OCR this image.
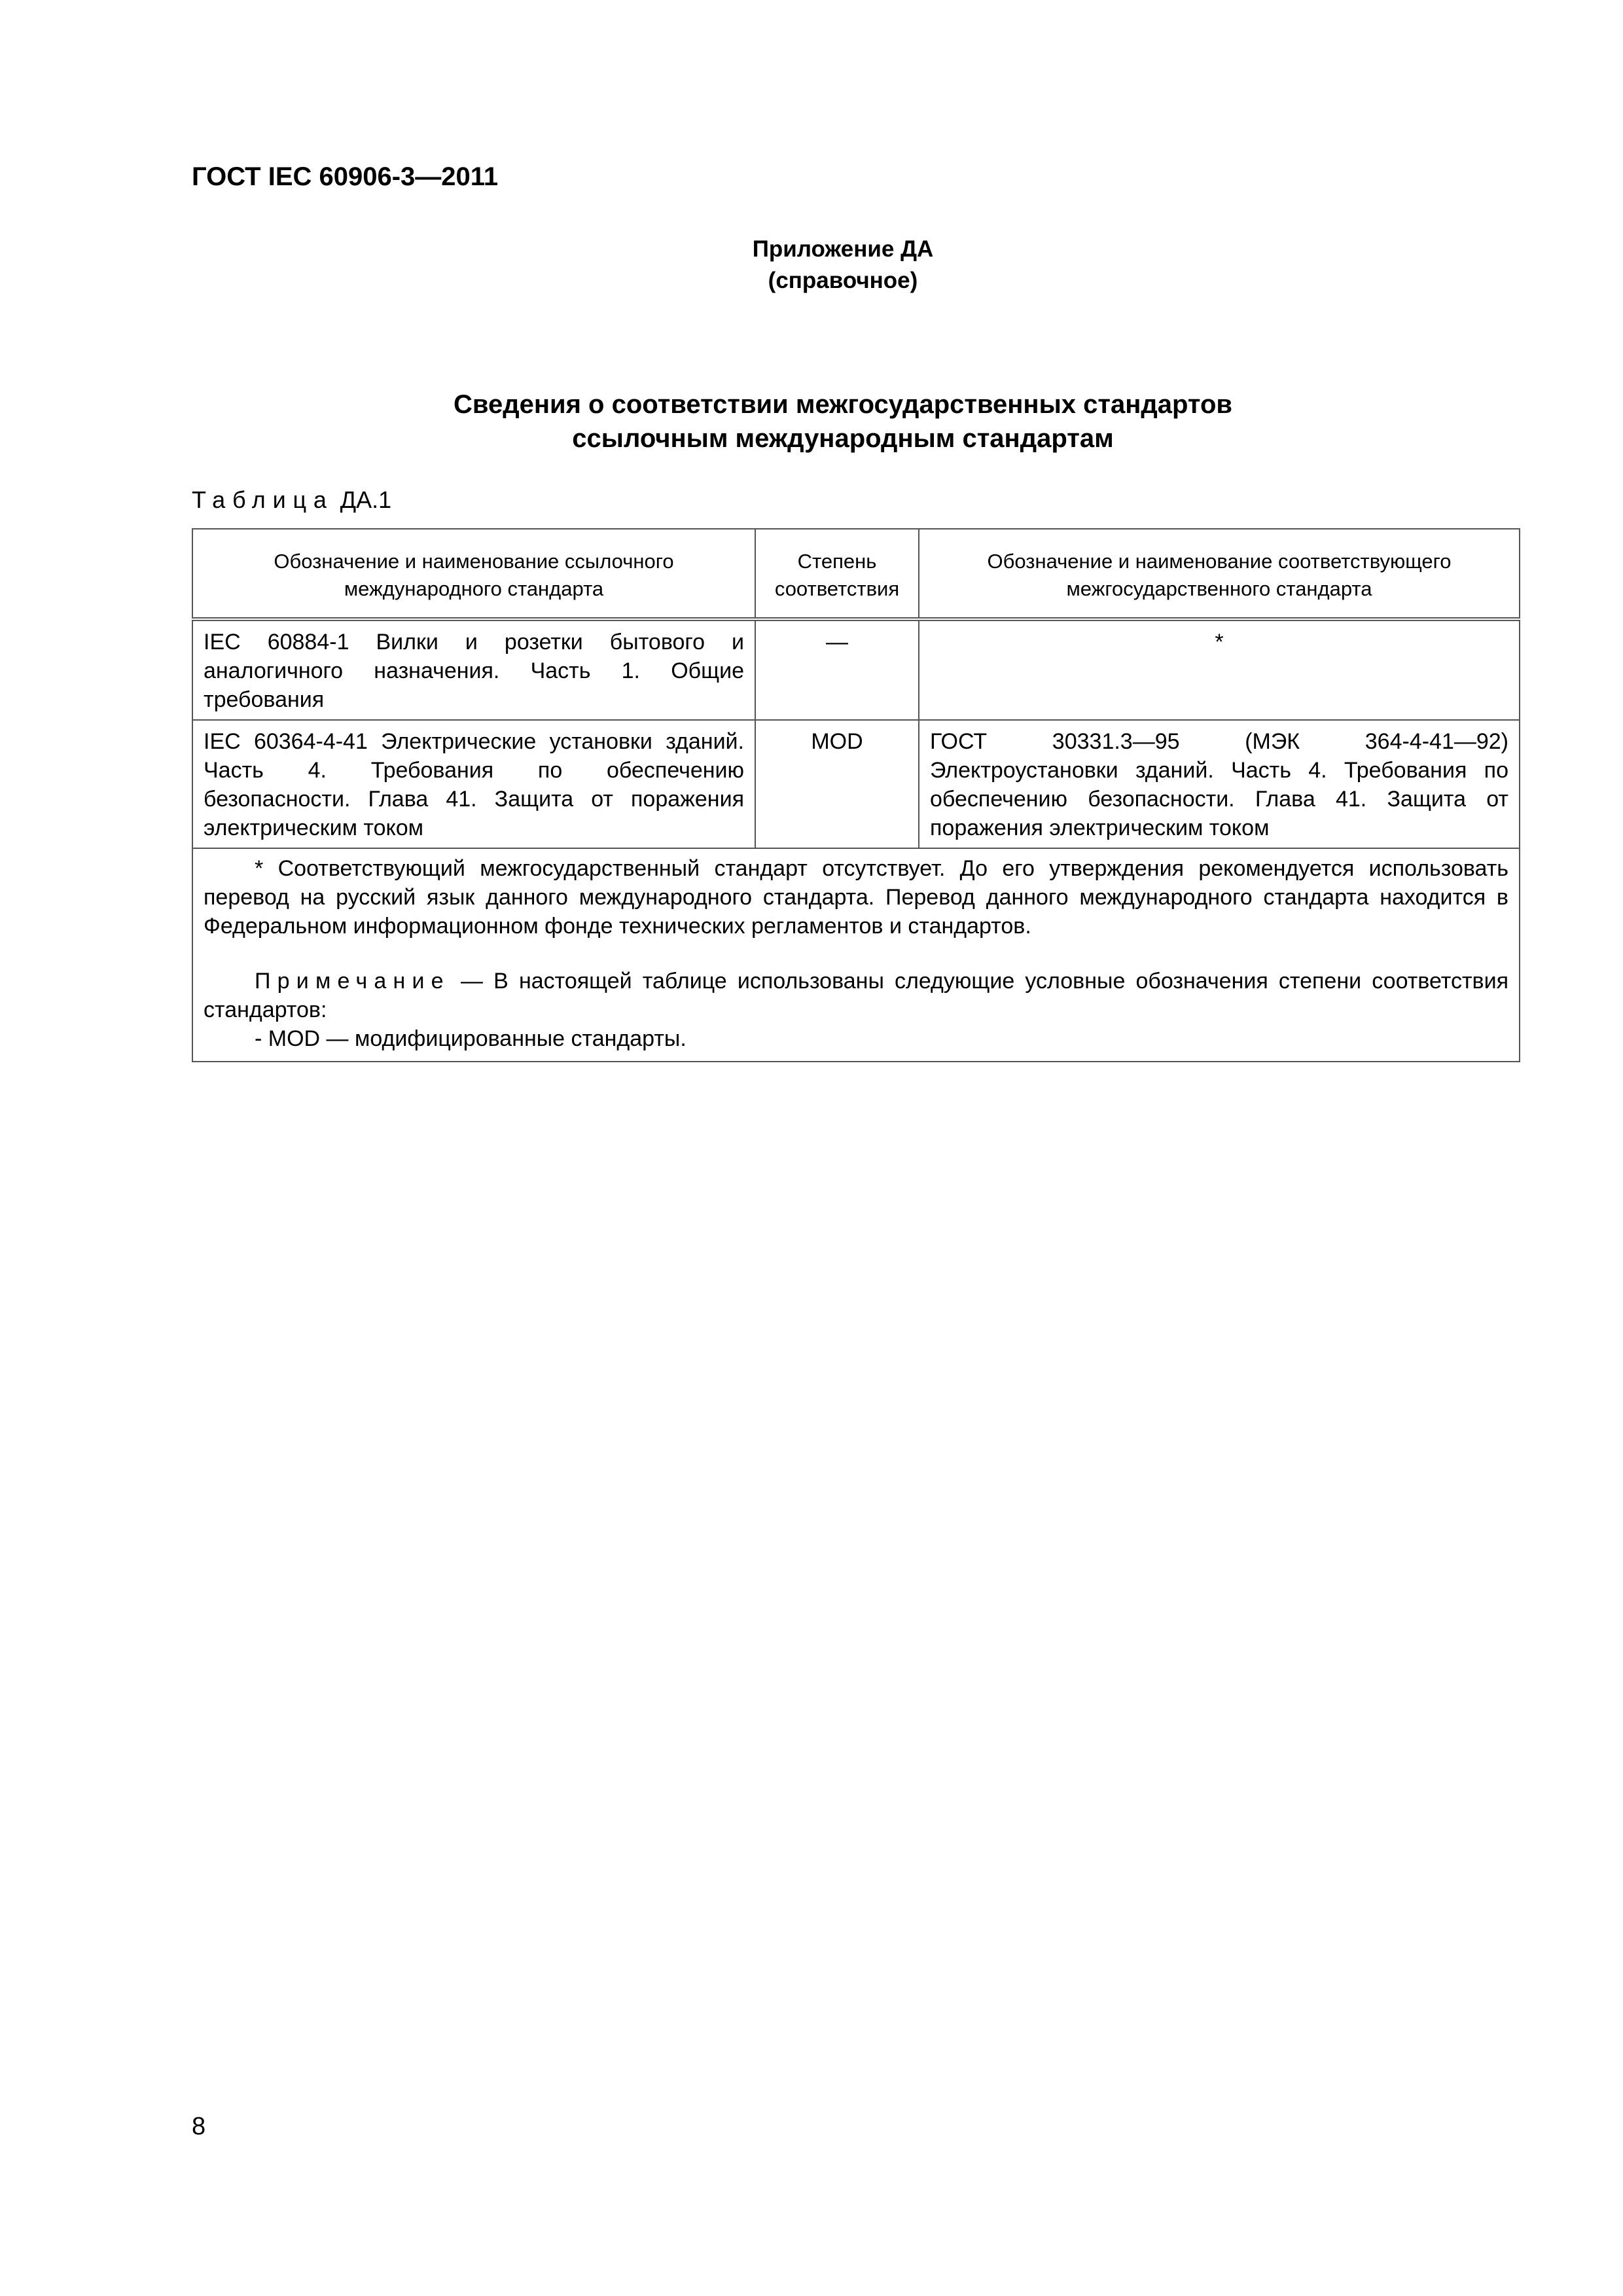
ГОСТ IEC 60906-3—2011
Приложение ДА
(справочное)
Сведения о соответствии межгосударственных стандартов
ссылочным международным стандартам
Таблица ДА.1
Обозначение и наименование ссылочного международного стандарта	Степень соответствия	Обозначение и наименование соответствующего межгосударственного стандарта
IEC 60884-1 Вилки и розетки бытового и аналогичного назначения. Часть 1. Общие требования	—	*
IEC 60364-4-41 Электрические установки зданий. Часть 4. Требования по обеспечению безопасности. Глава 41. Защита от поражения электрическим током	MOD	ГОСТ 30331.3—95 (МЭК 364-4-41—92) Электроустановки зданий. Часть 4. Требования по обеспечению безопасности. Глава 41. Защита от поражения электрическим током

* Соответствующий межгосударственный стандарт отсутствует. До его утверждения рекомендуется использовать перевод на русский язык данного международного стандарта. Перевод данного международного стандарта находится в Федеральном информационном фонде технических регламентов и стандартов.

Примечание — В настоящей таблице использованы следующие условные обозначения степени соответствия стандартов:

- MOD — модифицированные стандарты.		

8
